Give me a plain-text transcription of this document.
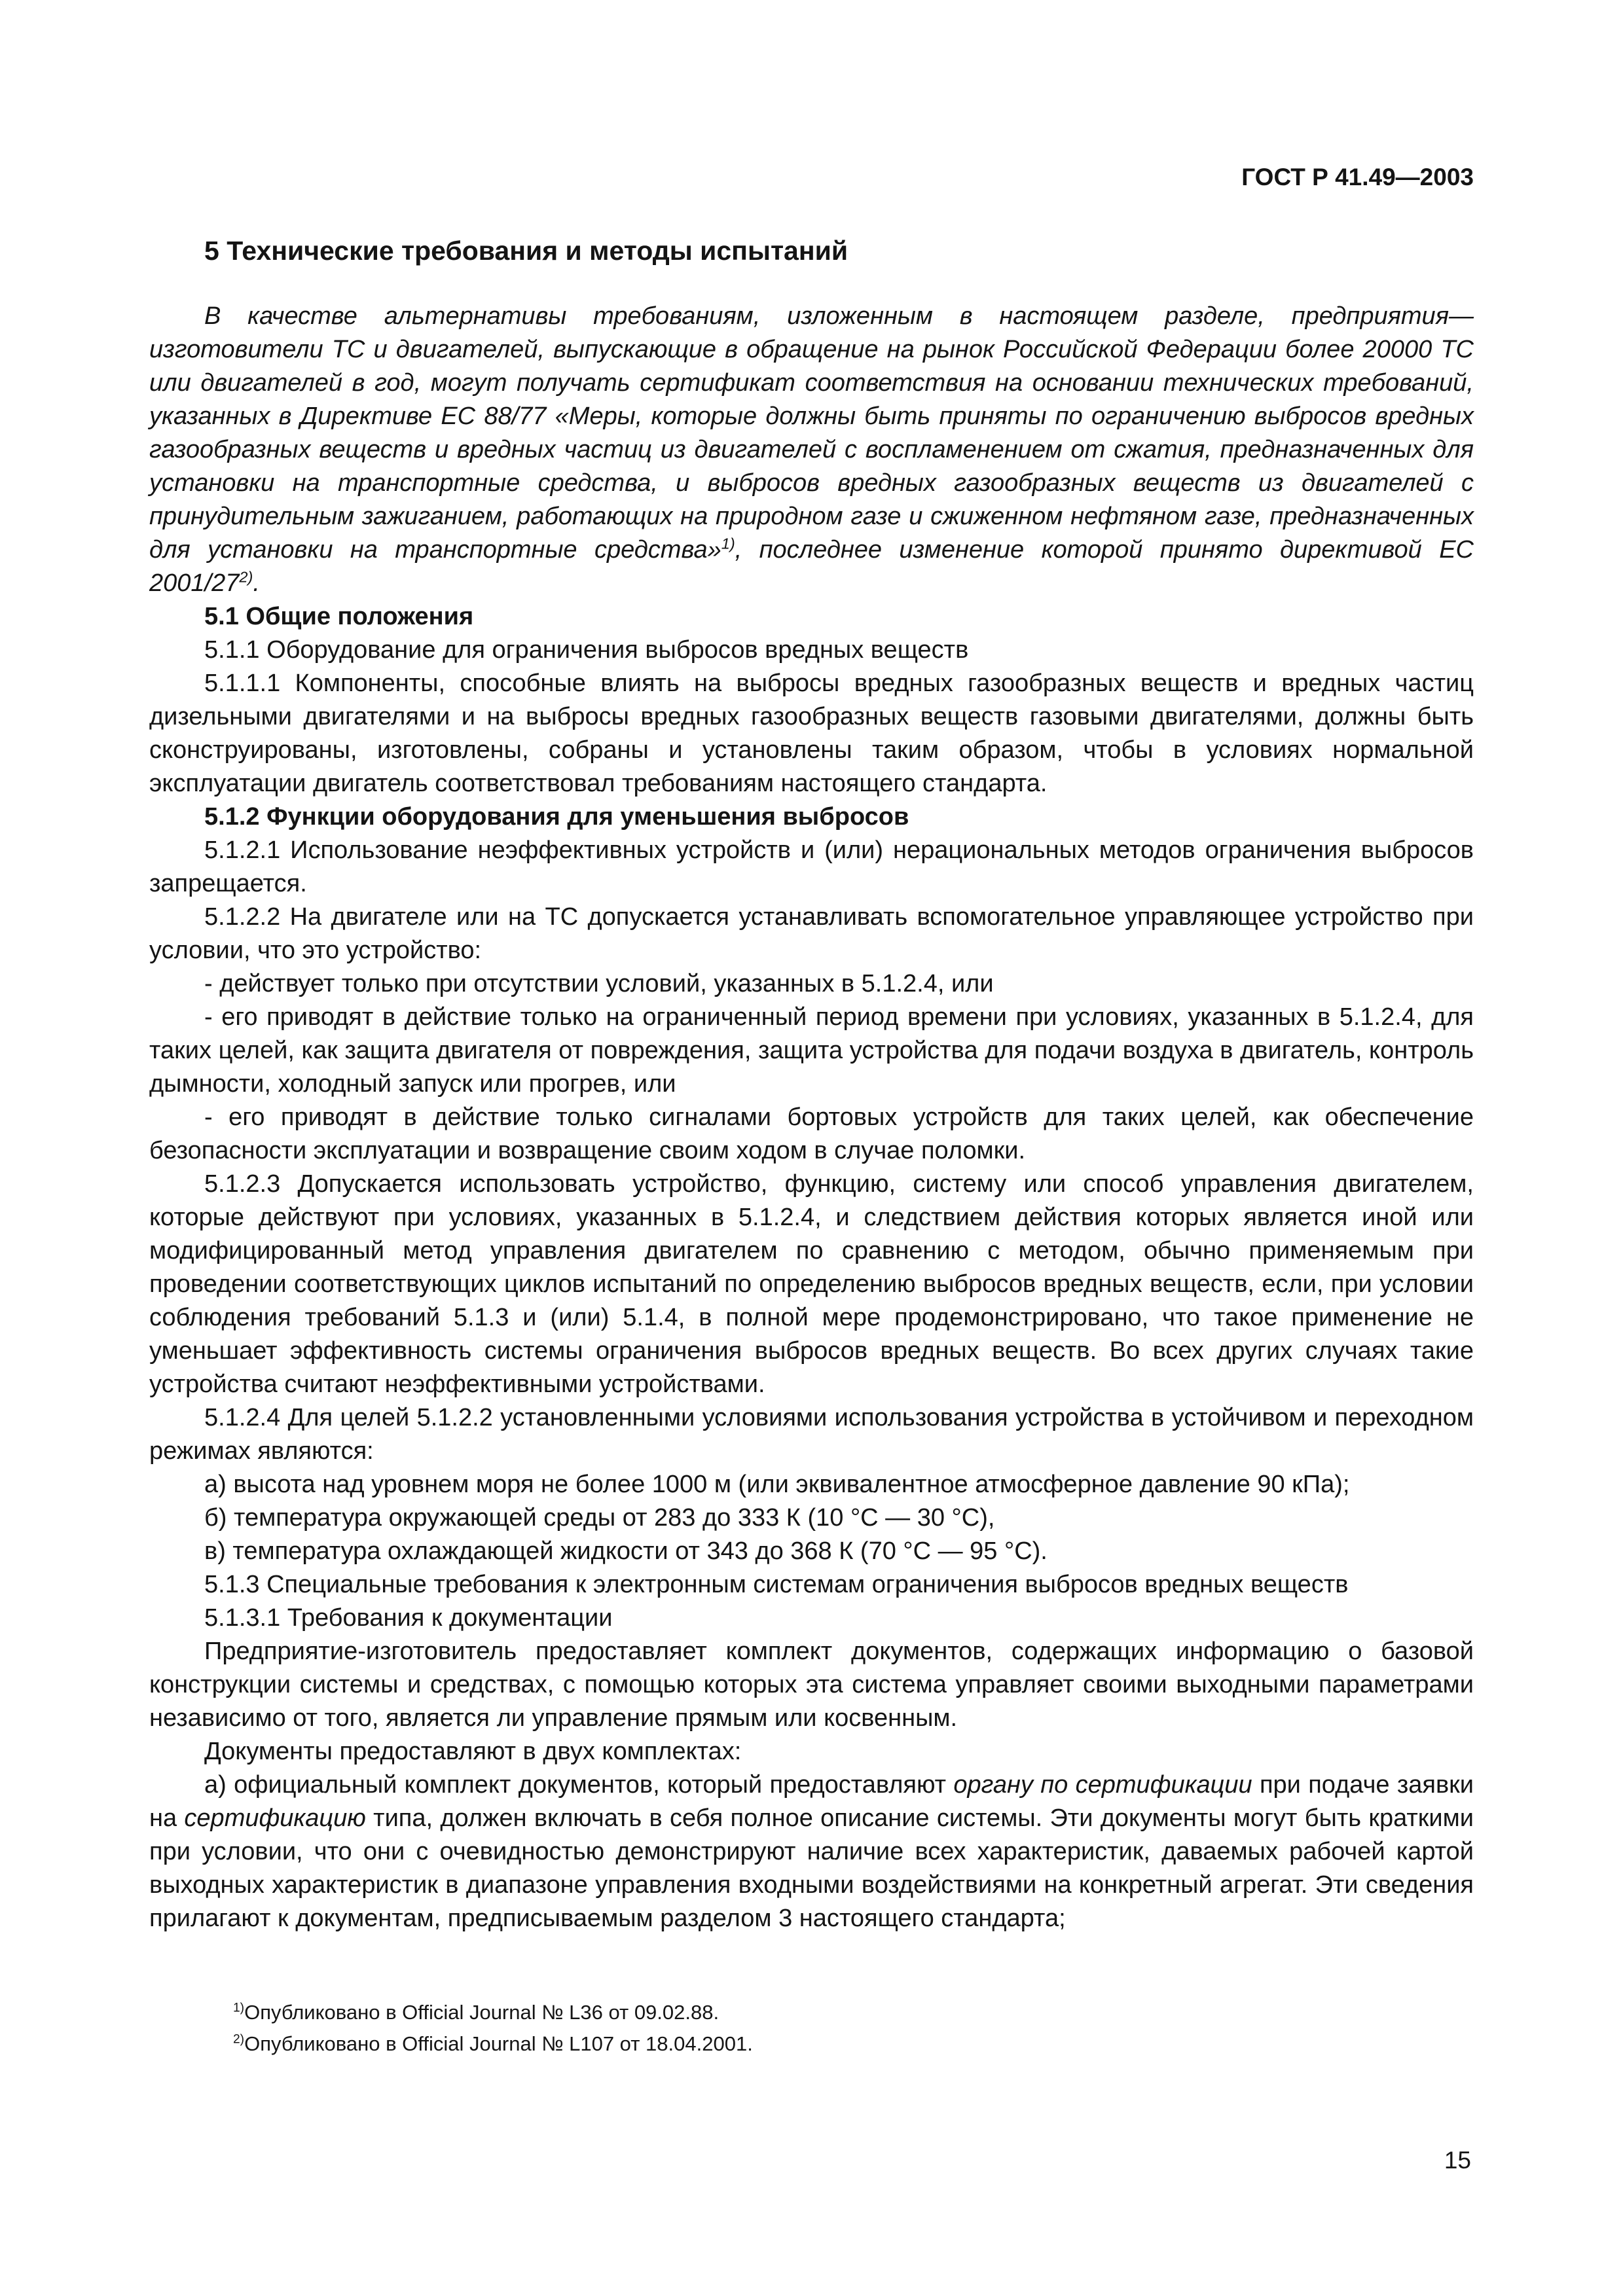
ГОСТ Р 41.49—2003
5 Технические требования и методы испытаний

В качестве альтернативы требованиям, изложенным в настоящем разделе, предприятия—изготовители ТС и двигателей, выпускающие в обращение на рынок Российской Федерации более 20000 ТС или двигателей в год, могут получать сертификат соответствия на основании технических требований, указанных в Директиве ЕС 88/77 «Меры, которые должны быть приняты по ограничению выбросов вредных газообразных веществ и вредных частиц из двигателей с воспламенением от сжатия, предназначенных для установки на транспортные средства, и выбросов вредных газообразных веществ из двигателей с принудительным зажиганием, работающих на природном газе и сжиженном нефтяном газе, предназначенных для установки на транспортные средства»$^{1)}$, последнее изменение которой принято директивой ЕС 2001/27$^{2)}$.

5.1 Общие положения

5.1.1 Оборудование для ограничения выбросов вредных веществ

5.1.1.1 Компоненты, способные влиять на выбросы вредных газообразных веществ и вредных частиц дизельными двигателями и на выбросы вредных газообразных веществ газовыми двигателями, должны быть сконструированы, изготовлены, собраны и установлены таким образом, чтобы в условиях нормальной эксплуатации двигатель соответствовал требованиям настоящего стандарта.

5.1.2 Функции оборудования для уменьшения выбросов

5.1.2.1 Использование неэффективных устройств и (или) нерациональных методов ограничения выбросов запрещается.

5.1.2.2 На двигателе или на ТС допускается устанавливать вспомогательное управляющее устройство при условии, что это устройство:

- действует только при отсутствии условий, указанных в 5.1.2.4, или

- его приводят в действие только на ограниченный период времени при условиях, указанных в 5.1.2.4, для таких целей, как защита двигателя от повреждения, защита устройства для подачи воздуха в двигатель, контроль дымности, холодный запуск или прогрев, или

- его приводят в действие только сигналами бортовых устройств для таких целей, как обеспечение безопасности эксплуатации и возвращение своим ходом в случае поломки.

5.1.2.3 Допускается использовать устройство, функцию, систему или способ управления двигателем, которые действуют при условиях, указанных в 5.1.2.4, и следствием действия которых является иной или модифицированный метод управления двигателем по сравнению с методом, обычно применяемым при проведении соответствующих циклов испытаний по определению выбросов вредных веществ, если, при условии соблюдения требований 5.1.3 и (или) 5.1.4, в полной мере продемонстрировано, что такое применение не уменьшает эффективность системы ограничения выбросов вредных веществ. Во всех других случаях такие устройства считают неэффективными устройствами.

5.1.2.4 Для целей 5.1.2.2 установленными условиями использования устройства в устойчивом и переходном режимах являются:

а) высота над уровнем моря не более 1000 м (или эквивалентное атмосферное давление 90 кПа);

б) температура окружающей среды от 283 до 333 К (10 °С — 30 °С),

в) температура охлаждающей жидкости от 343 до 368 К (70 °С — 95 °С).

5.1.3 Специальные требования к электронным системам ограничения выбросов вредных веществ

5.1.3.1 Требования к документации

Предприятие-изготовитель предоставляет комплект документов, содержащих информацию о базовой конструкции системы и средствах, с помощью которых эта система управляет своими выходными параметрами независимо от того, является ли управление прямым или косвенным.

Документы предоставляют в двух комплектах:

а) официальный комплект документов, который предоставляют органу по сертификации при подаче заявки на сертификацию типа, должен включать в себя полное описание системы. Эти документы могут быть краткими при условии, что они с очевидностью демонстрируют наличие всех характеристик, даваемых рабочей картой выходных характеристик в диапазоне управления входными воздействиями на конкретный агрегат. Эти сведения прилагают к документам, предписываемым разделом 3 настоящего стандарта;

$^{1)}$Опубликовано в Official Journal № L36 от 09.02.88.

$^{2)}$Опубликовано в Official Journal № L107 от 18.04.2001.

15
